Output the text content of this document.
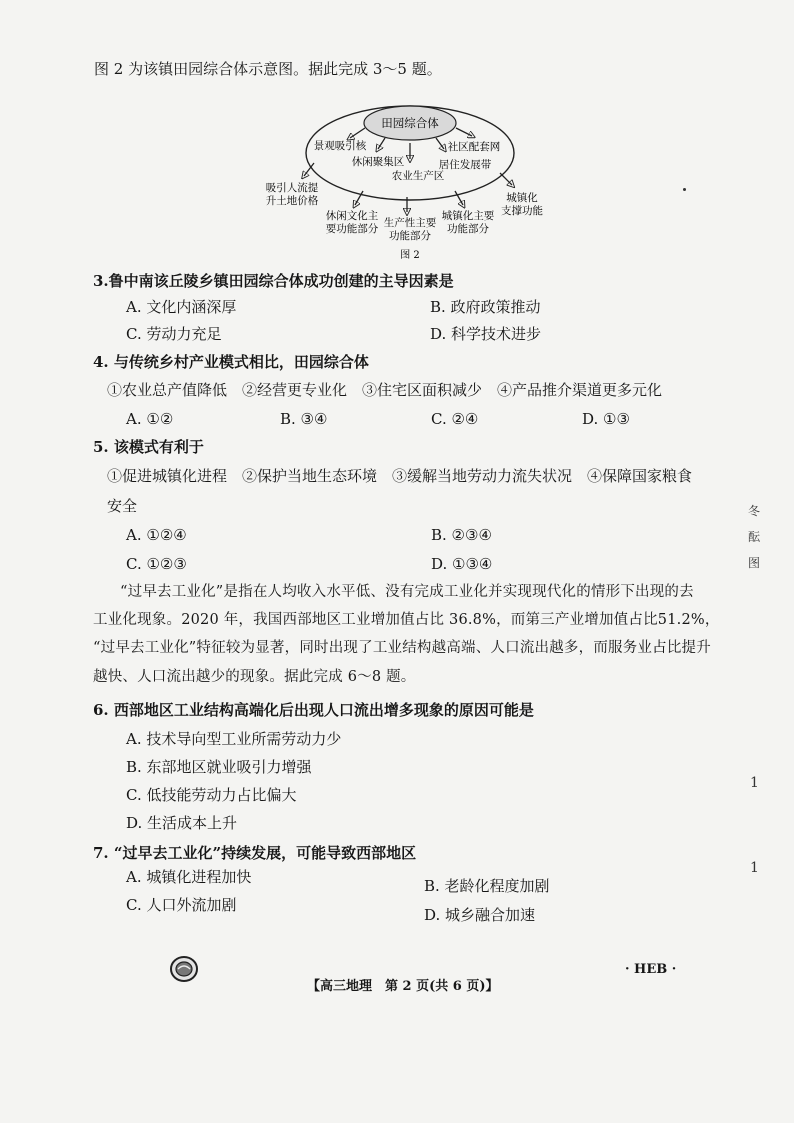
图 2 为该镇田园综合体示意图。据此完成 3～5 题。
田园综合体
景观吸引核
休闲聚集区
农业生产区
社区配套网
居住发展带
吸引人流提
升土地价格	城镇化
支撑功能
休闲文化主
要功能部分 生产性主要
功能部分
城镇化主要
功能部分
图 2
3.鲁中南该丘陵乡镇田园综合体成功创建的主导因素是
A. 文化内涵深厚	B. 政府政策推动
C. 劳动力充足	D. 科学技术进步
4. 与传统乡村产业模式相比，田园综合体
①农业总产值降低　②经营更专业化　③住宅区面积减少　④产品推介渠道更多元化
A. ①②	B. ③④	C. ②④	D. ①③
5. 该模式有利于
①促进城镇化进程　②保护当地生态环境　③缓解当地劳动力流失状况　④保障国家粮食
安全
A. ①②④	B. ②③④
C. ①②③	D. ①③④
“过早去工业化”是指在人均收入水平低、没有完成工业化并实现现代化的情形下出现的去
工业化现象。2020 年，我国西部地区工业增加值占比 36.8%，而第三产业增加值占比51.2%，
“过早去工业化”特征较为显著，同时出现了工业结构越高端、人口流出越多，而服务业占比提升
越快、人口流出越少的现象。据此完成 6～8 题。
6. 西部地区工业结构高端化后出现人口流出增多现象的原因可能是
A. 技术导向型工业所需劳动力少
B. 东部地区就业吸引力增强
C. 低技能劳动力占比偏大
D. 生活成本上升
7. “过早去工业化”持续发展，可能导致西部地区
A. 城镇化进程加快	B. 老龄化程度加剧
C. 人口外流加剧
D. 城乡融合加速
【高三地理　第 2 页(共 6 页)】
· HEB ·
冬
酝
图
1
1
